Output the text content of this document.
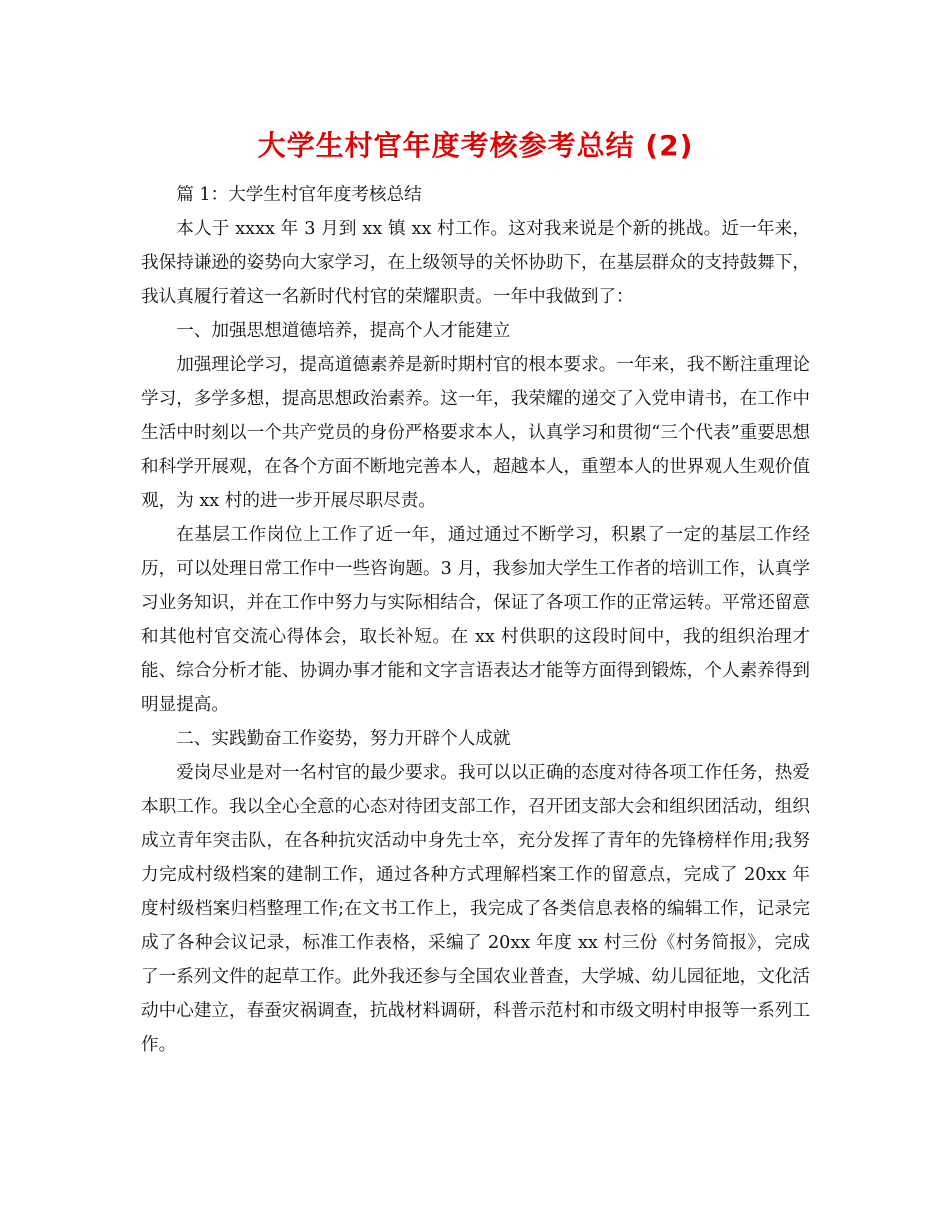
大学生村官年度考核参考总结 (2)

篇 1：大学生村官年度考核总结

本人于 xxxx 年 3 月到 xx 镇 xx 村工作。这对我来说是个新的挑战。近一年来，我保持谦逊的姿势向大家学习，在上级领导的关怀协助下，在基层群众的支持鼓舞下，我认真履行着这一名新时代村官的荣耀职责。一年中我做到了：

一、加强思想道德培养，提高个人才能建立

加强理论学习，提高道德素养是新时期村官的根本要求。一年来，我不断注重理论学习，多学多想，提高思想政治素养。这一年，我荣耀的递交了入党申请书，在工作中生活中时刻以一个共产党员的身份严格要求本人，认真学习和贯彻“三个代表”重要思想和科学开展观，在各个方面不断地完善本人，超越本人，重塑本人的世界观人生观价值观，为 xx 村的进一步开展尽职尽责。

在基层工作岗位上工作了近一年，通过通过不断学习，积累了一定的基层工作经历，可以处理日常工作中一些咨询题。3 月，我参加大学生工作者的培训工作，认真学习业务知识，并在工作中努力与实际相结合，保证了各项工作的正常运转。平常还留意和其他村官交流心得体会，取长补短。在 xx 村供职的这段时间中，我的组织治理才能、综合分析才能、协调办事才能和文字言语表达才能等方面得到锻炼，个人素养得到明显提高。

二、实践勤奋工作姿势，努力开辟个人成就

爱岗尽业是对一名村官的最少要求。我可以以正确的态度对待各项工作任务，热爱本职工作。我以全心全意的心态对待团支部工作，召开团支部大会和组织团活动，组织成立青年突击队，在各种抗灾活动中身先士卒，充分发挥了青年的先锋榜样作用;我努力完成村级档案的建制工作，通过各种方式理解档案工作的留意点，完成了 20xx 年度村级档案归档整理工作;在文书工作上，我完成了各类信息表格的编辑工作，记录完成了各种会议记录，标准工作表格，采编了 20xx 年度 xx 村三份《村务简报》，完成了一系列文件的起草工作。此外我还参与全国农业普查，大学城、幼儿园征地，文化活动中心建立，春蚕灾祸调查，抗战材料调研，科普示范村和市级文明村申报等一系列工作。
